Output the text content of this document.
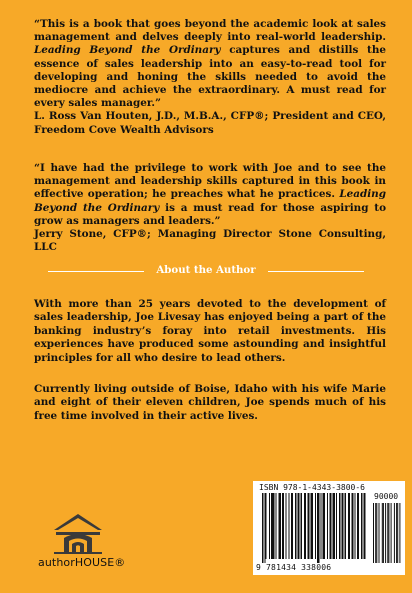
“This is a book that goes beyond the academic look at sales management and delves deeply into real-world leadership. Leading Beyond the Ordinary captures and distills the essence of sales leadership into an easy-to-read tool for developing and honing the skills needed to avoid the mediocre and achieve the extraordinary. A must read for every sales manager.”

L. Ross Van Houten, J.D., M.B.A., CFP®; President and CEO, Freedom Cove Wealth Advisors

“I have had the privilege to work with Joe and to see the management and leadership skills captured in this book in effective operation; he preaches what he practices. Leading Beyond the Ordinary is a must read for those aspiring to grow as managers and leaders.”

Jerry Stone, CFP®; Managing Director Stone Consulting, LLC

About the Author

With more than 25 years devoted to the development of sales leadership, Joe Livesay has enjoyed being a part of the banking industry’s foray into retail investments. His experiences have produced some astounding and insightful principles for all who desire to lead others.

Currently living outside of Boise, Idaho with his wife Marie and eight of their eleven children, Joe spends much of his free time involved in their active lives.

authorHOUSE®
ISBN 978-1-4343-3800-6
90000
9 781434 338006
